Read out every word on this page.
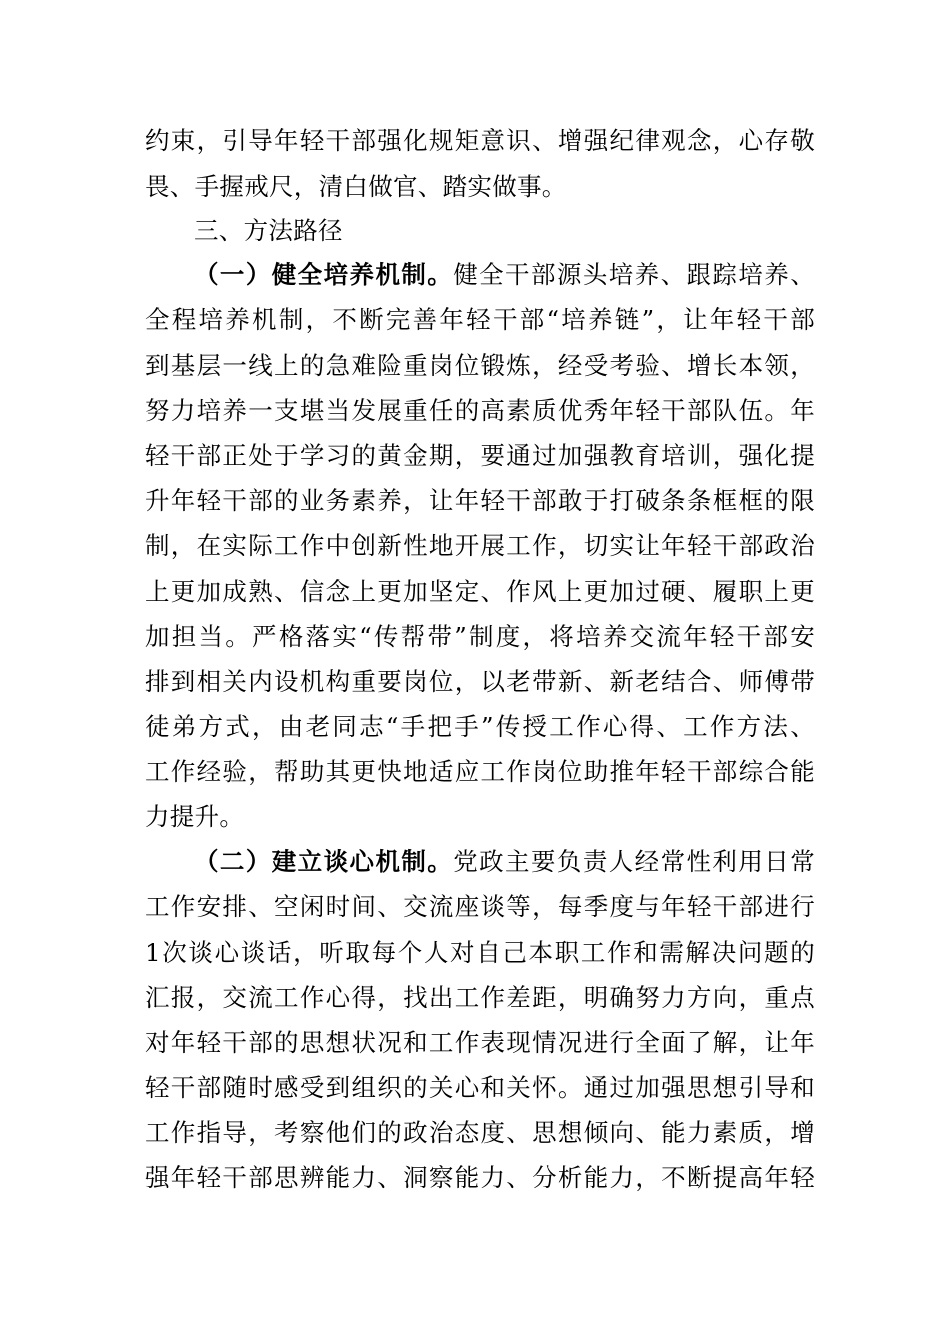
约束，引导年轻干部强化规矩意识、增强纪律观念，心存敬
畏、手握戒尺，清白做官、踏实做事。
三、方法路径
（一）健全培养机制。健全干部源头培养、跟踪培养、
全程培养机制，不断完善年轻干部“培养链”，让年轻干部
到基层一线上的急难险重岗位锻炼，经受考验、增长本领，
努力培养一支堪当发展重任的高素质优秀年轻干部队伍。年
轻干部正处于学习的黄金期，要通过加强教育培训，强化提
升年轻干部的业务素养，让年轻干部敢于打破条条框框的限
制，在实际工作中创新性地开展工作，切实让年轻干部政治
上更加成熟、信念上更加坚定、作风上更加过硬、履职上更
加担当。严格落实“传帮带”制度，将培养交流年轻干部安
排到相关内设机构重要岗位，以老带新、新老结合、师傅带
徒弟方式，由老同志“手把手”传授工作心得、工作方法、
工作经验，帮助其更快地适应工作岗位助推年轻干部综合能
力提升。
（二）建立谈心机制。党政主要负责人经常性利用日常
工作安排、空闲时间、交流座谈等，每季度与年轻干部进行
1次谈心谈话，听取每个人对自己本职工作和需解决问题的
汇报，交流工作心得，找出工作差距，明确努力方向，重点
对年轻干部的思想状况和工作表现情况进行全面了解，让年
轻干部随时感受到组织的关心和关怀。通过加强思想引导和
工作指导，考察他们的政治态度、思想倾向、能力素质，增
强年轻干部思辨能力、洞察能力、分析能力，不断提高年轻
